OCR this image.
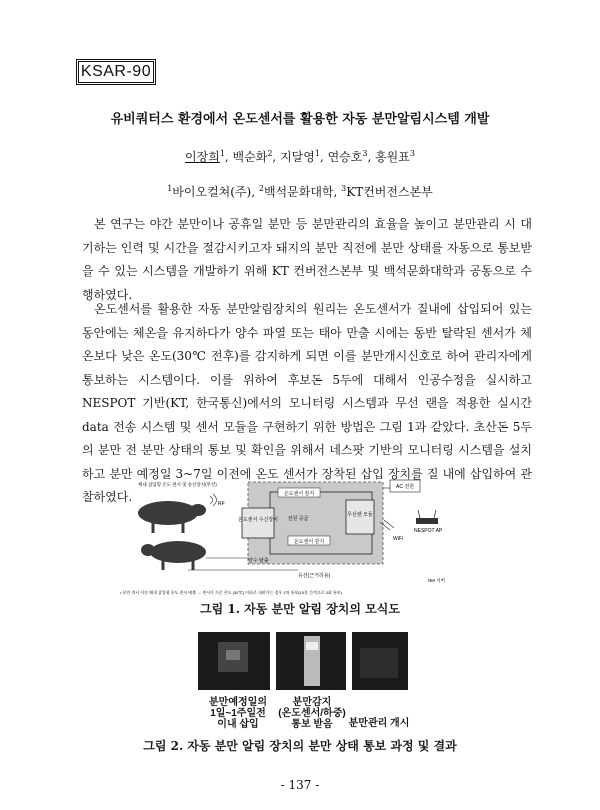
KSAR-90
유비쿼터스 환경에서 온도센서를 활용한 자동 분만알림시스템 개발
이장희$^1$, 백순화$^2$, 지달영$^1$, 연승호$^3$, 홍원표$^3$
$^1$바이오컬쳐(주), $^2$백석문화대학, $^3$KT컨버전스본부

본 연구는 야간 분만이나 공휴일 분만 등 분만관리의 효율을 높이고 분만관리 시 대기하는 인력 및 시간을 절감시키고자 돼지의 분만 직전에 분만 상태를 자동으로 통보받을 수 있는 시스템을 개발하기 위해 KT 컨버전스본부 및 백석문화대학과 공동으로 수행하였다.

온도센서를 활용한 자동 분만알림장치의 원리는 온도센서가 질내에 삽입되어 있는 동안에는 체온을 유지하다가 양수 파열 또는 태아 만출 시에는 동반 탈락된 센서가 체온보다 낮은 온도(30℃ 전후)를 감지하게 되면 이를 분만개시신호로 하여 관리자에게 통보하는 시스템이다. 이를 위하여 후보돈 5두에 대해서 인공수정을 실시하고 NESPOT 기반(KT, 한국통신)에서의 모니터링 시스템과 무선 랜을 적용한 실시간 data 전송 시스템 및 센서 모듈을 구현하기 위한 방법은 그림 1과 같았다. 초산돈 5두의 분만 전 분만 상태의 통보 및 확인을 위해서 네스팟 기반의 모니터링 시스템을 설치하고 분만 예정일 3~7일 이전에 온도 센서가 장착된 삽입 장치를 질 내에 삽입하여 관찰하였다.

온도센서 수신장치
무선랜 모듈
온도센서 감지
전원 공급
온도센서 감지
AC 전원
WiFi
NESPOT AP
체내 삽입형 온도 센서 및 송신장치(무선)
RF
양수 탈출
유선(근거리용)
NM 서버
• 분만 개시 이전 체내 삽입형 온도 센서 배출 → 센서가 기준 온도 (30℃) 이하로 내려가는 경우 1차 통보(10분 간격으로 3회 통보)
그림 1. 자동 분만 알림 장치의 모식도
분만예정일의
1일~1주일전
이내 삽입
분만감지
(온도센서/하중)
통보 받음	분만관리 개시
그림 2. 자동 분만 알림 장치의 분만 상태 통보 과정 및 결과
- 137 -
